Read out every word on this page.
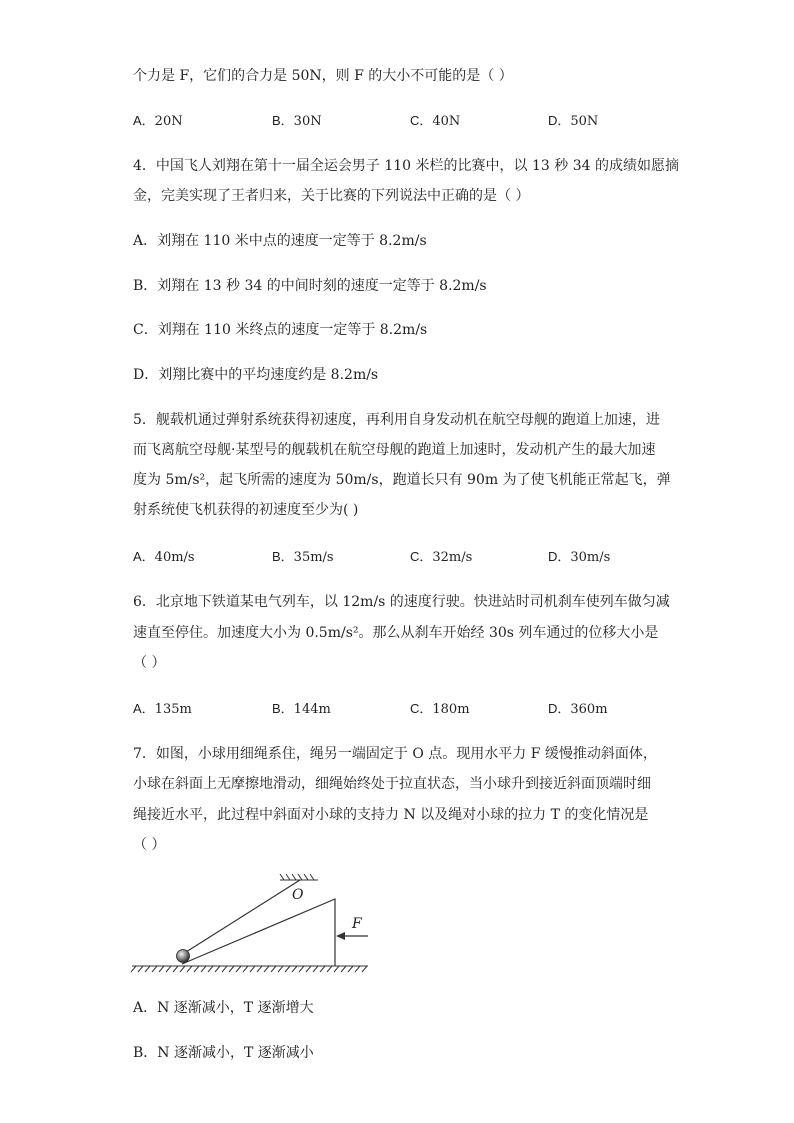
个力是 F，它们的合力是 50N，则 F 的大小不可能的是（ ）
A．20N	B．30N	C．40N	D．50N
4．中国飞人刘翔在第十一届全运会男子 110 米栏的比赛中，以 13 秒 34 的成绩如愿摘
金，完美实现了王者归来，关于比赛的下列说法中正确的是（ ）
A．刘翔在 110 米中点的速度一定等于 8.2m/s
B．刘翔在 13 秒 34 的中间时刻的速度一定等于 8.2m/s
C．刘翔在 110 米终点的速度一定等于 8.2m/s
D．刘翔比赛中的平均速度约是 8.2m/s
5．舰载机通过弹射系统获得初速度，再利用自身发动机在航空母舰的跑道上加速，进
而飞离航空母舰·某型号的舰载机在航空母舰的跑道上加速时，发动机产生的最大加速
度为 5m/s²，起飞所需的速度为 50m/s，跑道长只有 90m 为了使飞机能正常起飞，弹
射系统使飞机获得的初速度至少为( )
A．40m/s	B．35m/s	C．32m/s	D．30m/s
6．北京地下铁道某电气列车，以 12m/s 的速度行驶。快进站时司机刹车使列车做匀减
速直至停住。加速度大小为 0.5m/s²。那么从刹车开始经 30s 列车通过的位移大小是
（ ）
A．135m	B．144m	C．180m	D．360m
7．如图，小球用细绳系住，绳另一端固定于 O 点。现用水平力 F 缓慢推动斜面体，
小球在斜面上无摩擦地滑动，细绳始终处于拉直状态，当小球升到接近斜面顶端时细
绳接近水平，此过程中斜面对小球的支持力 N 以及绳对小球的拉力 T 的变化情况是
（ ）
O
F
A．N 逐渐减小，T 逐渐增大
B．N 逐渐减小，T 逐渐减小
